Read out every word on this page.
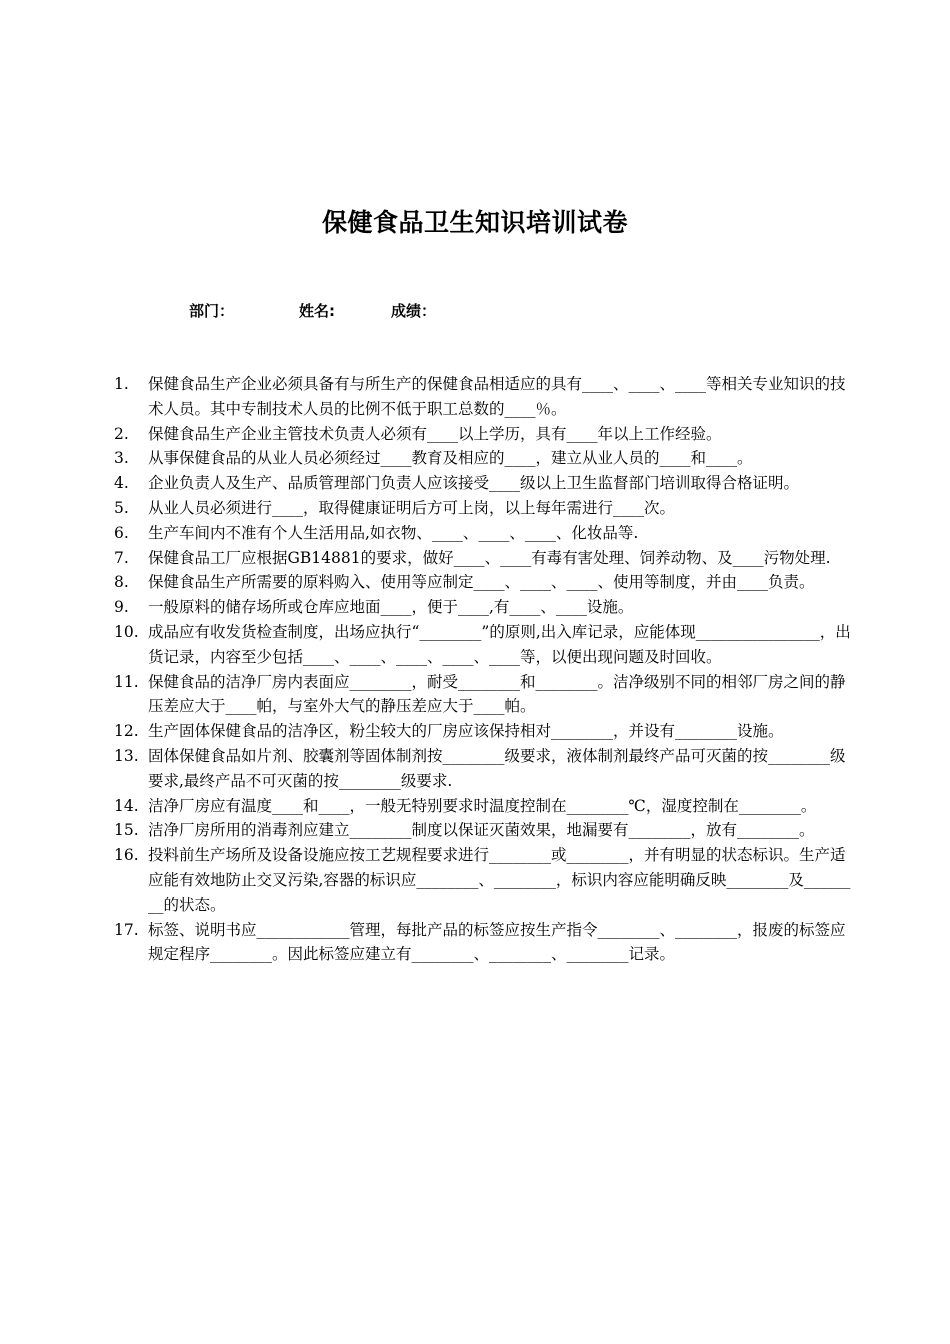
保健食品卫生知识培训试卷
部门：	姓名:	成绩：
1.	保健食品生产企业必须具备有与所生产的保健食品相适应的具有____、____、____等相关专业知识的技术人员。其中专制技术人员的比例不低于职工总数的____％。
2.	保健食品生产企业主管技术负责人必须有____以上学历，具有____年以上工作经验。
3.	从事保健食品的从业人员必须经过____教育及相应的____，建立从业人员的____和____。
4.	企业负责人及生产、品质管理部门负责人应该接受____级以上卫生监督部门培训取得合格证明。
5.	从业人员必须进行____，取得健康证明后方可上岗，以上每年需进行____次。
6.	生产车间内不准有个人生活用品,如衣物、____、____、____、化妆品等.
7.	保健食品工厂应根据GB14881的要求，做好____、____有毒有害处理、饲养动物、及____污物处理.
8.	保健食品生产所需要的原料购入、使用等应制定____、____、____、使用等制度，并由____负责。
9.	一般原料的储存场所或仓库应地面____，便于____,有____、____设施。
10. 成品应有收发货检查制度，出场应执行“________”的原则,出入库记录，应能体现________________，出货记录，内容至少包括____、____、____、____、____等，以便出现问题及时回收。
11. 保健食品的洁净厂房内表面应________，耐受________和________。洁净级别不同的相邻厂房之间的静压差应大于____帕，与室外大气的静压差应大于____帕。
12. 生产固体保健食品的洁净区，粉尘较大的厂房应该保持相对________，并设有________设施。
13. 固体保健食品如片剂、胶囊剂等固体制剂按________级要求，液体制剂最终产品可灭菌的按________级要求,最终产品不可灭菌的按________级要求.
14. 洁净厂房应有温度____和____，一般无特别要求时温度控制在________℃，湿度控制在________。
15. 洁净厂房所用的消毒剂应建立________制度以保证灭菌效果，地漏要有________，放有________。
16. 投料前生产场所及设备设施应按工艺规程要求进行________或________，并有明显的状态标识。生产适应能有效地防止交叉污染,容器的标识应________、________，标识内容应能明确反映________及________的状态。
17. 标签、说明书应____________管理，每批产品的标签应按生产指令________、________，报废的标签应规定程序________。因此标签应建立有________、________、________记录。
